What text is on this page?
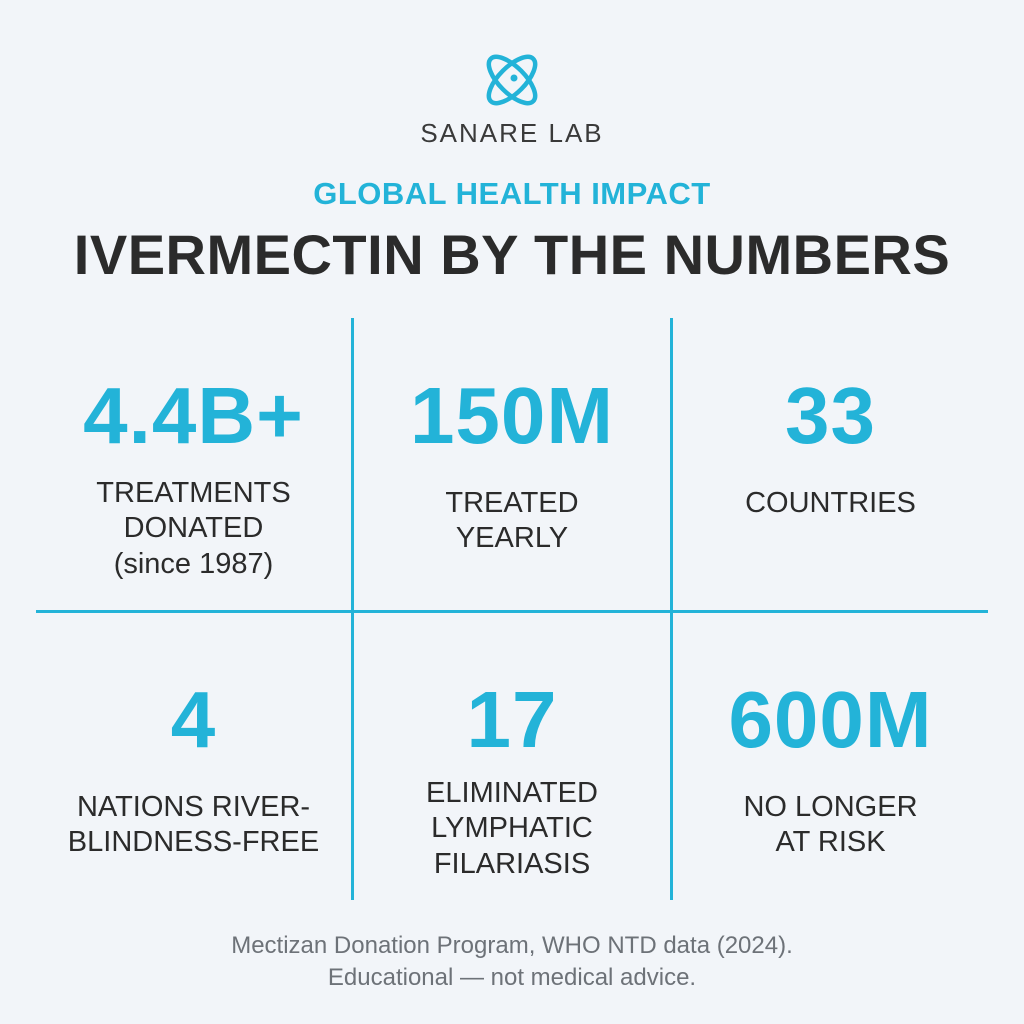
SANARE LAB
GLOBAL HEALTH IMPACT
IVERMECTIN BY THE NUMBERS
4.4B+
TREATMENTS
DONATED
(since 1987)
150M
TREATED
YEARLY
33
COUNTRIES
4
NATIONS RIVER-
BLINDNESS-FREE
17
ELIMINATED
LYMPHATIC
FILARIASIS
600M
NO LONGER
AT RISK
Mectizan Donation Program, WHO NTD data (2024).
Educational — not medical advice.
